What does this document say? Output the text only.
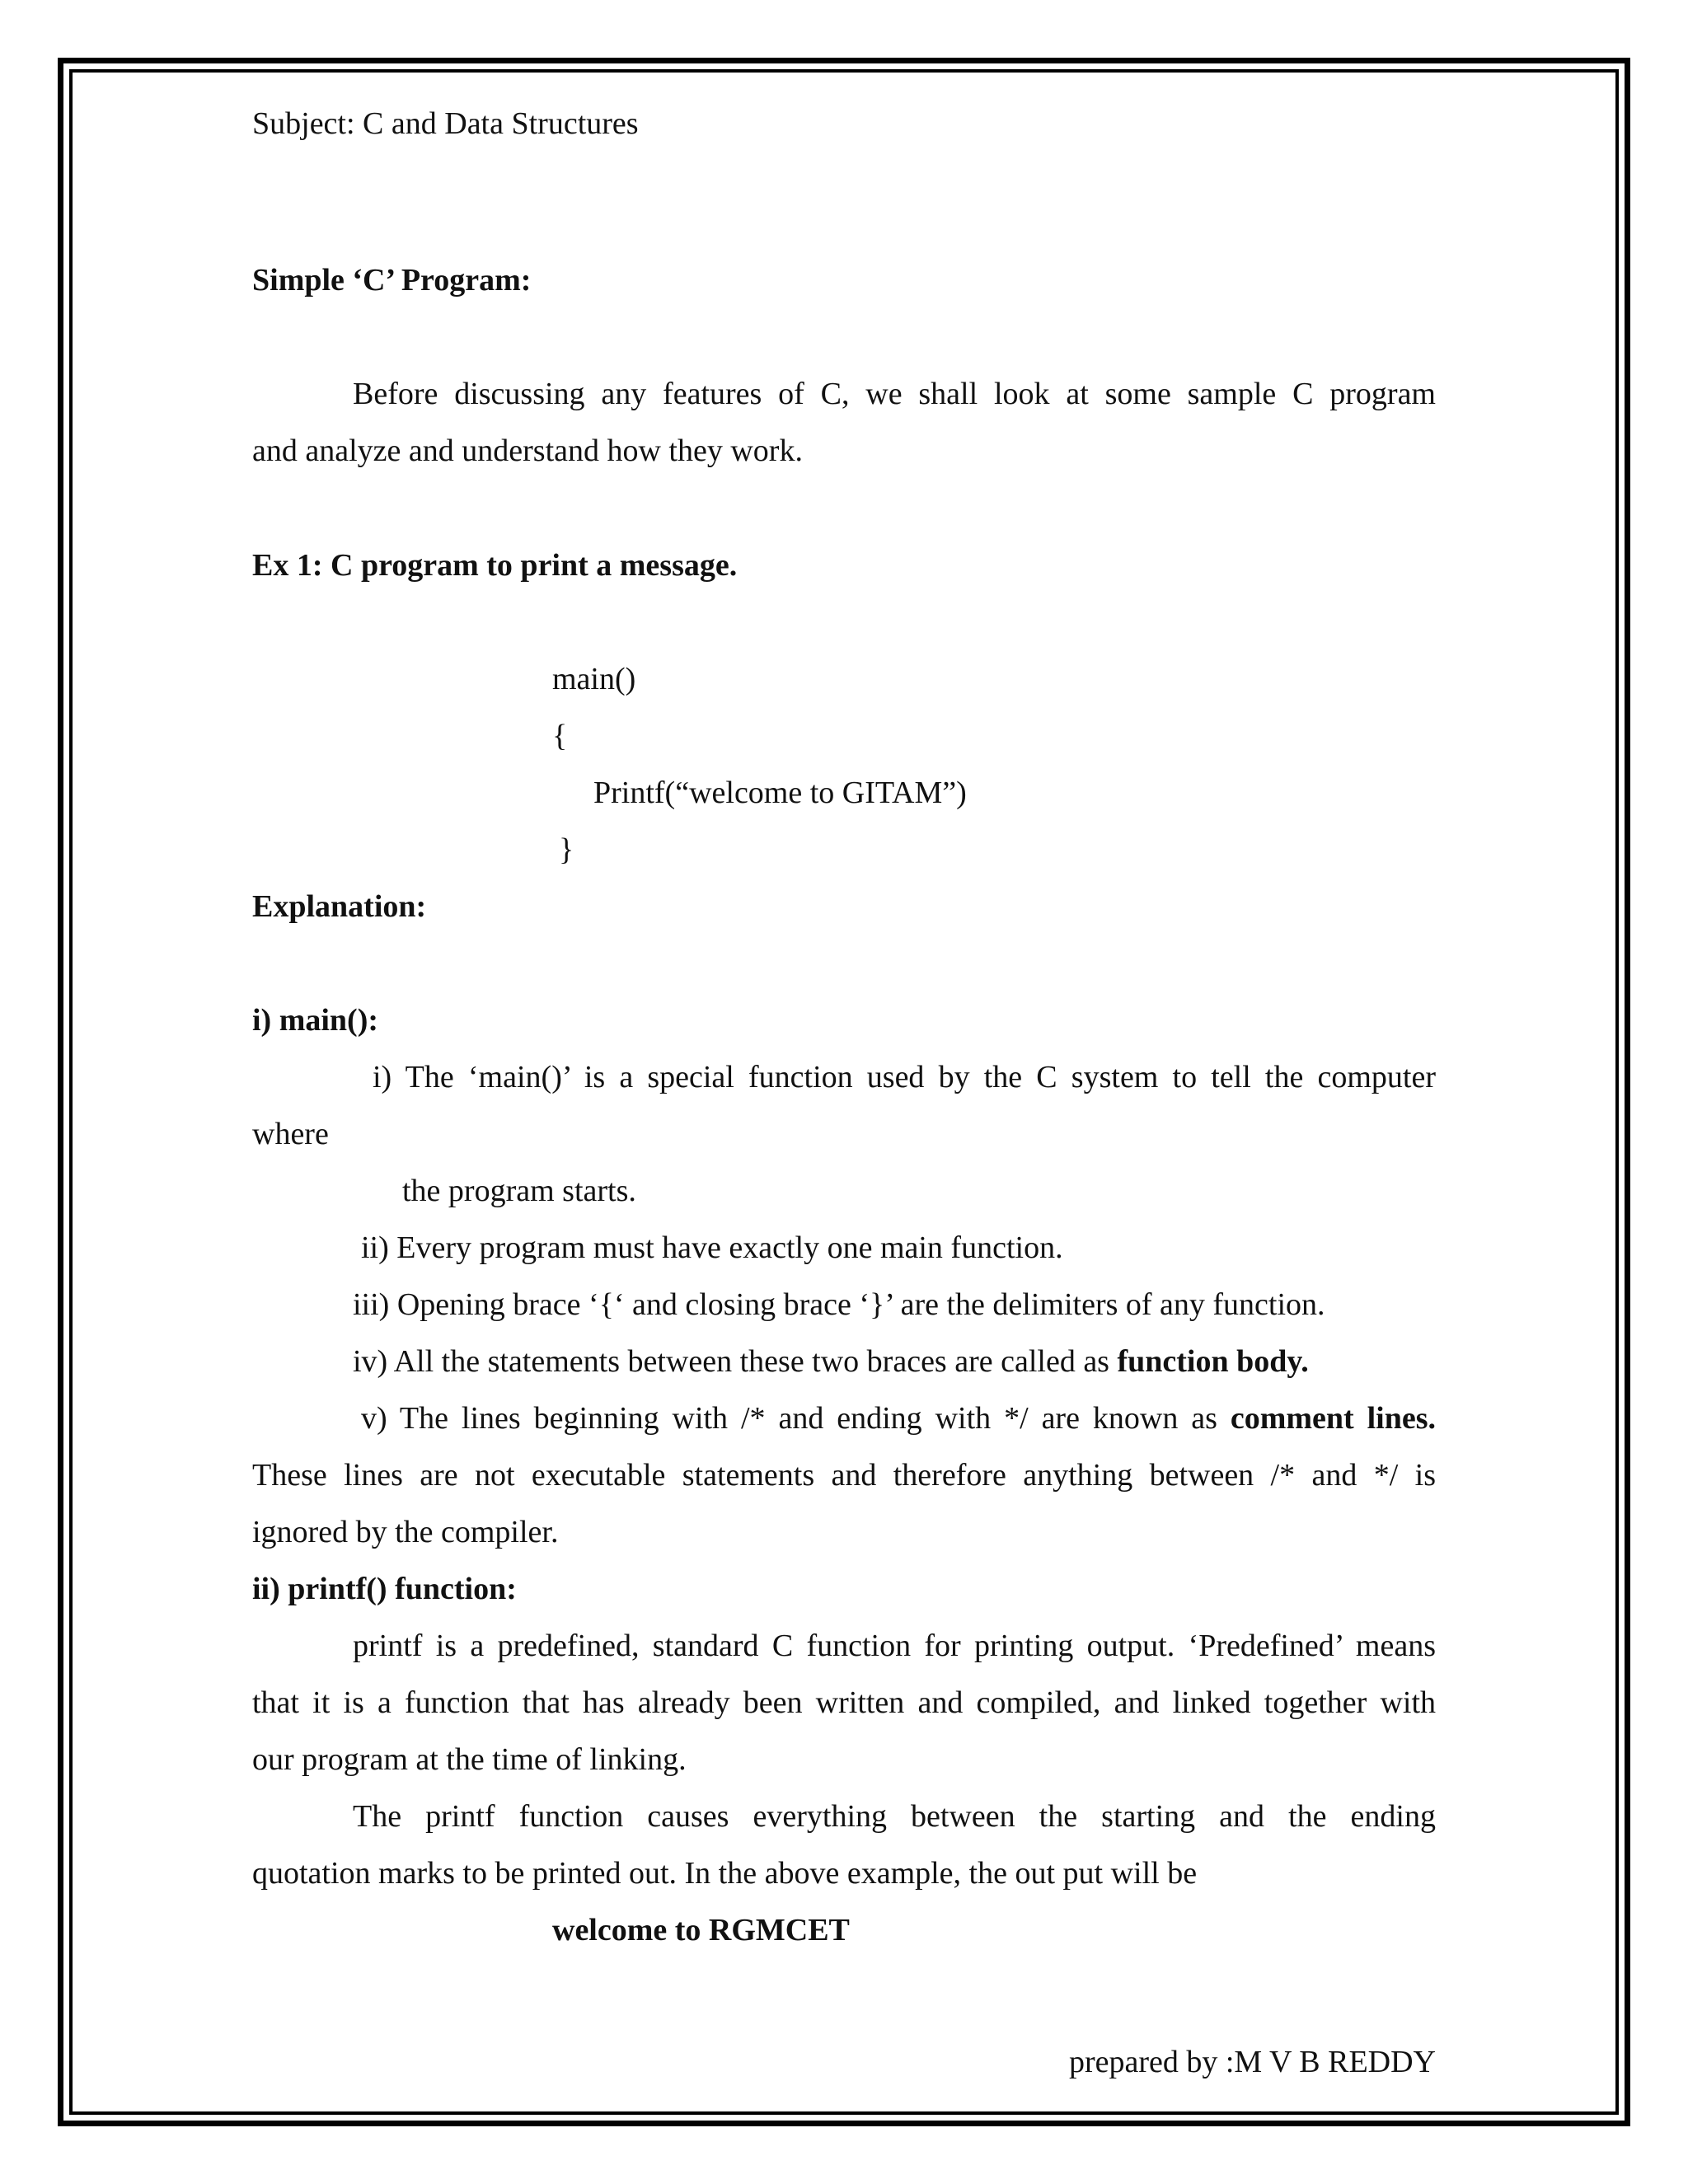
Subject: C and Data Structures
Simple ‘C’ Program:
Before discussing any features of C, we shall look at some sample C program
and analyze and understand how they work.
Ex 1: C program to print a message.
main()
{
Printf(“welcome to GITAM”)
}
Explanation:
i) main():
i) The ‘main()’ is a special function used by the C system to tell the computer
where
the program starts.
ii) Every program must have exactly one main function.
iii) Opening brace ‘{‘ and closing brace ‘}’ are the delimiters of any function.
iv) All the statements between these two braces are called as function body.
v) The lines beginning with /* and ending with */ are known as comment lines.
These lines are not executable statements and therefore anything between /* and */ is
ignored by the compiler.
ii) printf() function:
printf is a predefined, standard C function for printing output. ‘Predefined’ means
that it is a function that has already been written and compiled, and linked together with
our program at the time of linking.
The printf function causes everything between the starting and the ending
quotation marks to be printed out. In the above example, the out put will be
welcome to RGMCET
prepared by :M V B REDDY
